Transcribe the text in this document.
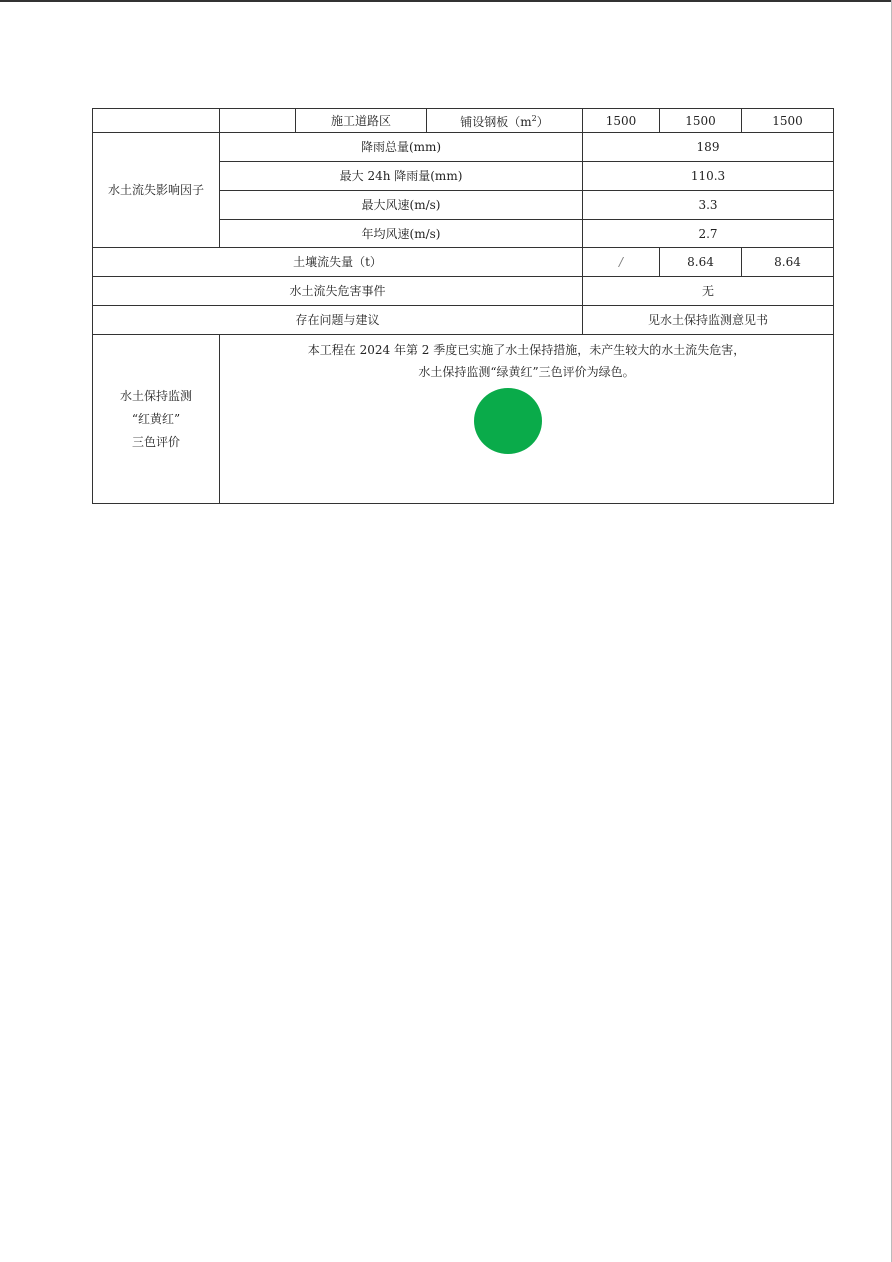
		施工道路区	铺设钢板$(m^2)$	1500	1500	1500
水土流失影响因子	降雨总量(mm)			189		
	最大 24h 降雨量(mm)			110.3		
	最大风速(m/s)			3.3		
	年均风速(m/s)			2.7		
土壤流失量（t）				/	8.64	8.64
水土流失危害事件				无		
存在问题与建议				见水土保持监测意见书		

水土保持监测
“红黄红”
三色评价	本工程在 2024 年第 2 季度已实施了水土保持措施，未产生较大的水土流失危害，
水土保持监测“绿黄红”三色评价为绿色。					
